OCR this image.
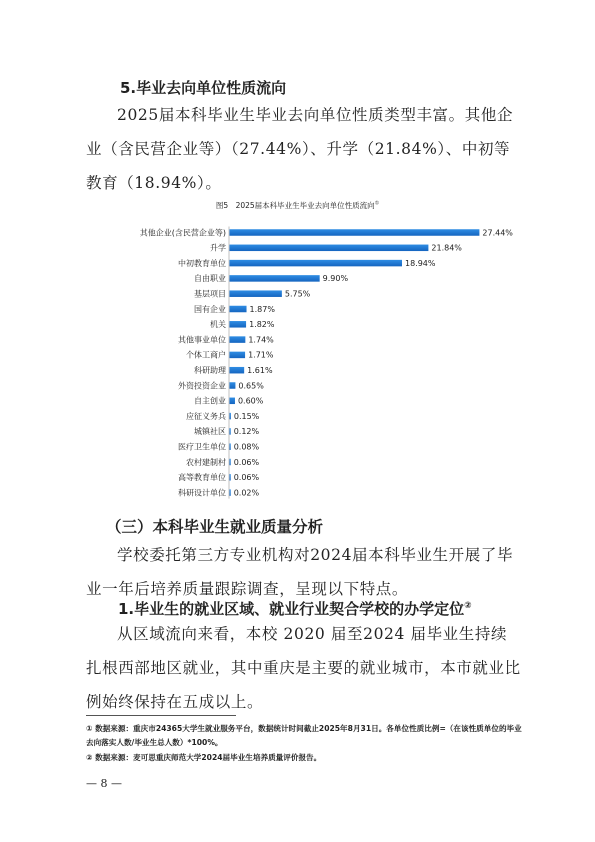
5.毕业去向单位性质流向
2025届本科毕业生毕业去向单位性质类型丰富。其他企业（含民营企业等）（27.44%）、升学（21.84%）、中初等教育（18.94%）。
图5　2025届本科毕业生毕业去向单位性质流向①
其他企业(含民营企业等)	27.44%
升学	21.84%
中初教育单位	18.94%
自由职业	9.90%
基层项目	5.75%
国有企业	1.87%
机关	1.82%
其他事业单位	1.74%
个体工商户	1.71%
科研助理	1.61%
外资投资企业 0.65%
自主创业 0.60%
应征义务兵 0.15%
城镇社区 0.12%
医疗卫生单位 0.08%
农村建制村 0.06%
高等教育单位 0.06%
科研设计单位 0.02%
（三）本科毕业生就业质量分析
学校委托第三方专业机构对2024届本科毕业生开展了毕业一年后培养质量跟踪调查，呈现以下特点。
1.毕业生的就业区域、就业行业契合学校的办学定位②
从区域流向来看，本校 2020 届至2024 届毕业生持续扎根西部地区就业，其中重庆是主要的就业城市，本市就业比例始终保持在五成以上。
① 数据来源：重庆市24365大学生就业服务平台，数据统计时间截止2025年8月31日。各单位性质比例=（在该性质单位的毕业去向落实人数/毕业生总人数）*100%。
② 数据来源：麦可思重庆师范大学2024届毕业生培养质量评价报告。
— 8 —
